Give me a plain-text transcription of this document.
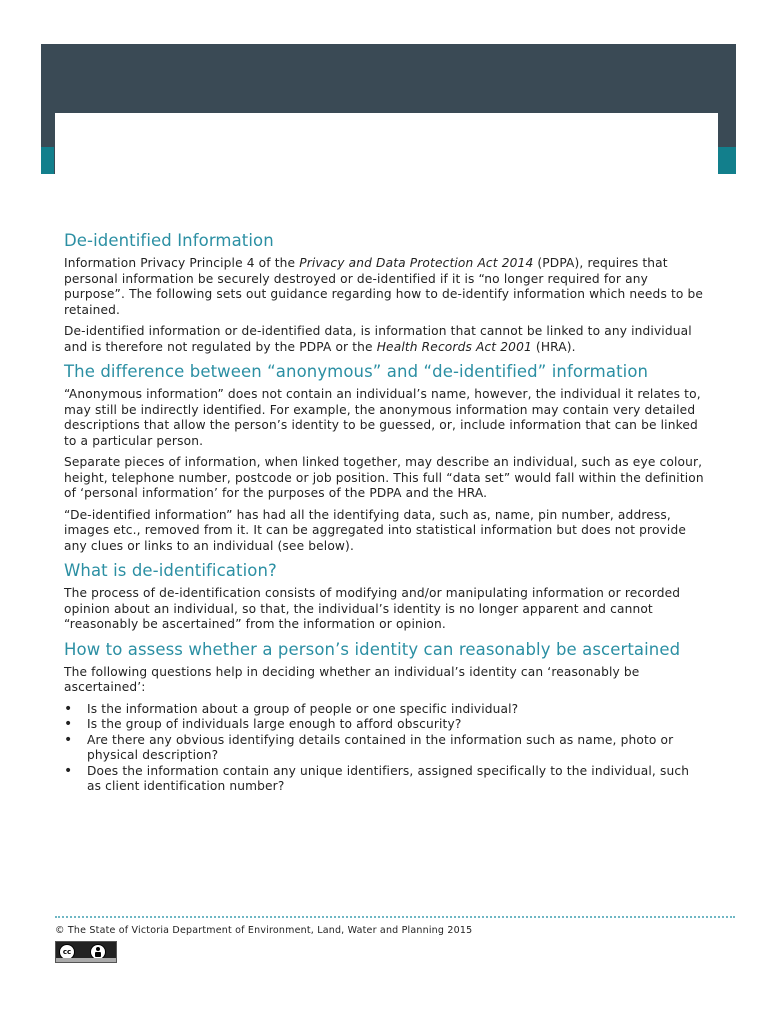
De-identified Information

Information Privacy Principle 4 of the Privacy and Data Protection Act 2014 (PDPA), requires that personal information be securely destroyed or de-identified if it is “no longer required for any purpose”. The following sets out guidance regarding how to de-identify information which needs to be retained.

De-identified information or de-identified data, is information that cannot be linked to any individual and is therefore not regulated by the PDPA or the Health Records Act 2001 (HRA).

The difference between “anonymous” and “de-identified” information

“Anonymous information” does not contain an individual’s name, however, the individual it relates to, may still be indirectly identified. For example, the anonymous information may contain very detailed descriptions that allow the person’s identity to be guessed, or, include information that can be linked to a particular person.

Separate pieces of information, when linked together, may describe an individual, such as eye colour, height, telephone number, postcode or job position. This full “data set” would fall within the definition of ‘personal information’ for the purposes of the PDPA and the HRA.

“De-identified information” has had all the identifying data, such as, name, pin number, address, images etc., removed from it. It can be aggregated into statistical information but does not provide any clues or links to an individual (see below).

What is de-identification?

The process of de-identification consists of modifying and/or manipulating information or recorded opinion about an individual, so that, the individual’s identity is no longer apparent and cannot “reasonably be ascertained” from the information or opinion.

How to assess whether a person’s identity can reasonably be ascertained

The following questions help in deciding whether an individual’s identity can ‘reasonably be ascertained’:

• Is the information about a group of people or one specific individual?
• Is the group of individuals large enough to afford obscurity?
• Are there any obvious identifying details contained in the information such as name, photo or physical description?
• Does the information contain any unique identifiers, assigned specifically to the individual, such as client identification number?
© The State of Victoria Department of Environment, Land, Water and Planning 2015
cc
